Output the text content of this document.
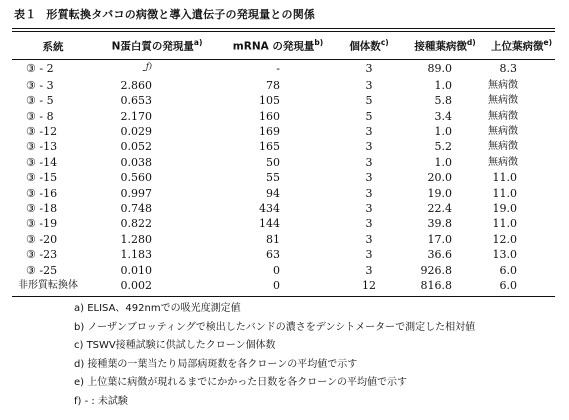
表１ 形質転換タバコの病徴と導入遺伝子の発現量との関係
系統	N蛋白質の発現量$^{a)}$	mRNA の発現量$^{b)}$	個体数$^{c)}$	接種葉病徴$^{d)}$	上位葉病徴$^{e)}$
③ - 2	-$^{f)}$	-	3	89.0	8.3
③ - 3	2.860	78	3	1.0	無病徴
③ - 5	0.653	105	5	5.8	無病徴
③ - 8	2.170	160	5	3.4	無病徴
③ -12	0.029	169	3	1.0	無病徴
③ -13	0.052	165	3	5.2	無病徴
③ -14	0.038	50	3	1.0	無病徴
③ -15	0.560	55	3	20.0	11.0
③ -16	0.997	94	3	19.0	11.0
③ -18	0.748	434	3	22.4	19.0
③ -19	0.822	144	3	39.8	11.0
③ -20	1.280	81	3	17.0	12.0
③ -23	1.183	63	3	36.6	13.0
③ -25	0.010	0	3	926.8	6.0
非形質転換体	0.002	0	12	816.8	6.0
a) ELISA、492nmでの吸光度測定値
b) ノーザンブロッティングで検出したバンドの濃さをデンシトメーターで測定した相対値
c) TSWV接種試験に供試したクローン個体数
d) 接種葉の一葉当たり局部病斑数を各クローンの平均値で示す
e) 上位葉に病徴が現れるまでにかかった日数を各クローンの平均値で示す
f) - : 未試験
